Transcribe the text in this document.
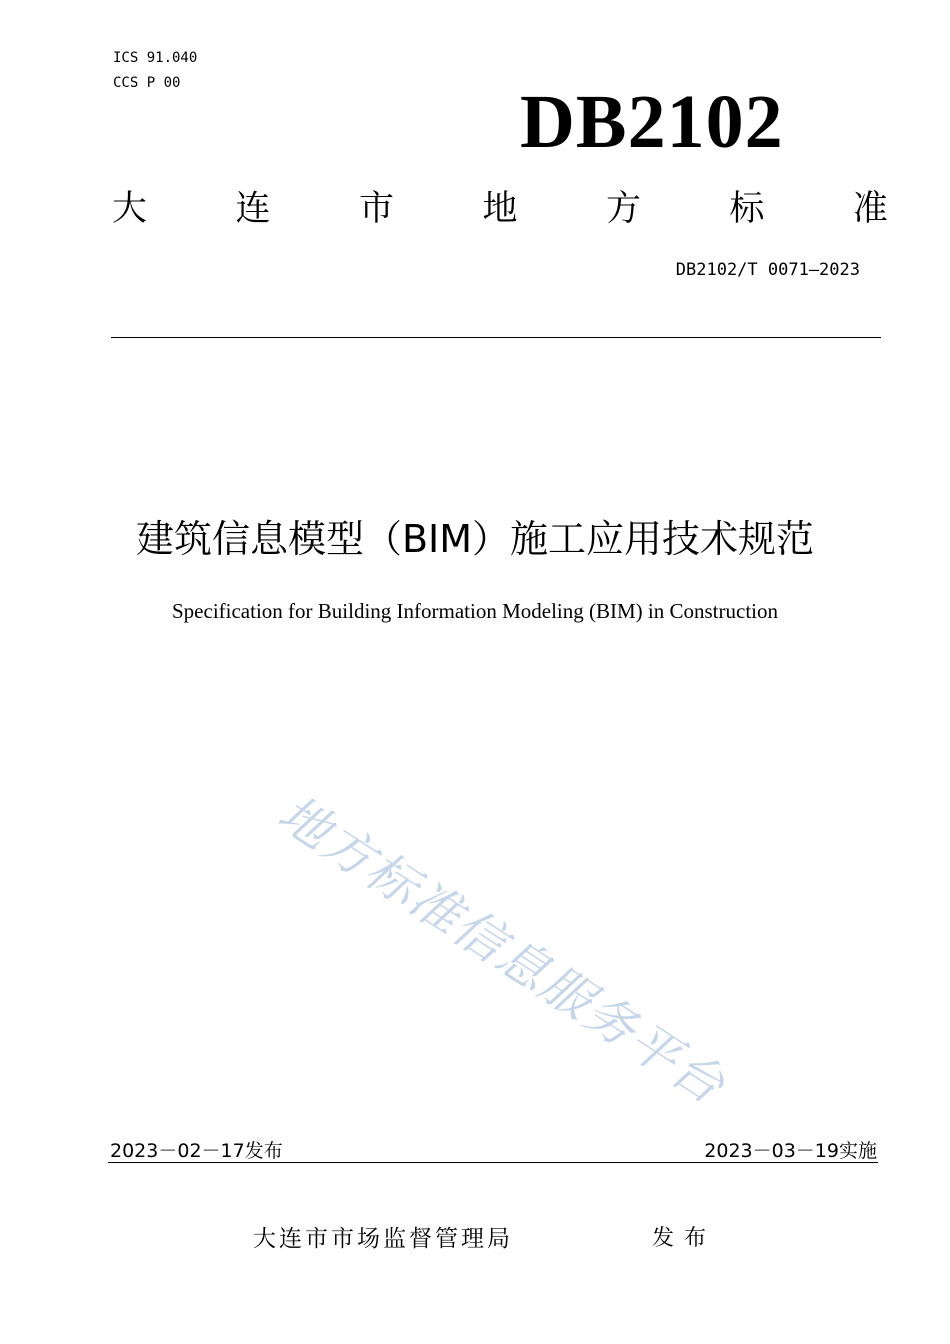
ICS 91.040
CCS P 00	DB2102
大	连	市	地	方	标	准
DB2102/T 0071—2023
建筑信息模型（BIM）施工应用技术规范
Specification for Building Information Modeling (BIM) in Construction
地方标准信息服务平台
2023－02－17发布	2023－03－19实施
大连市市场监督管理局	发布
